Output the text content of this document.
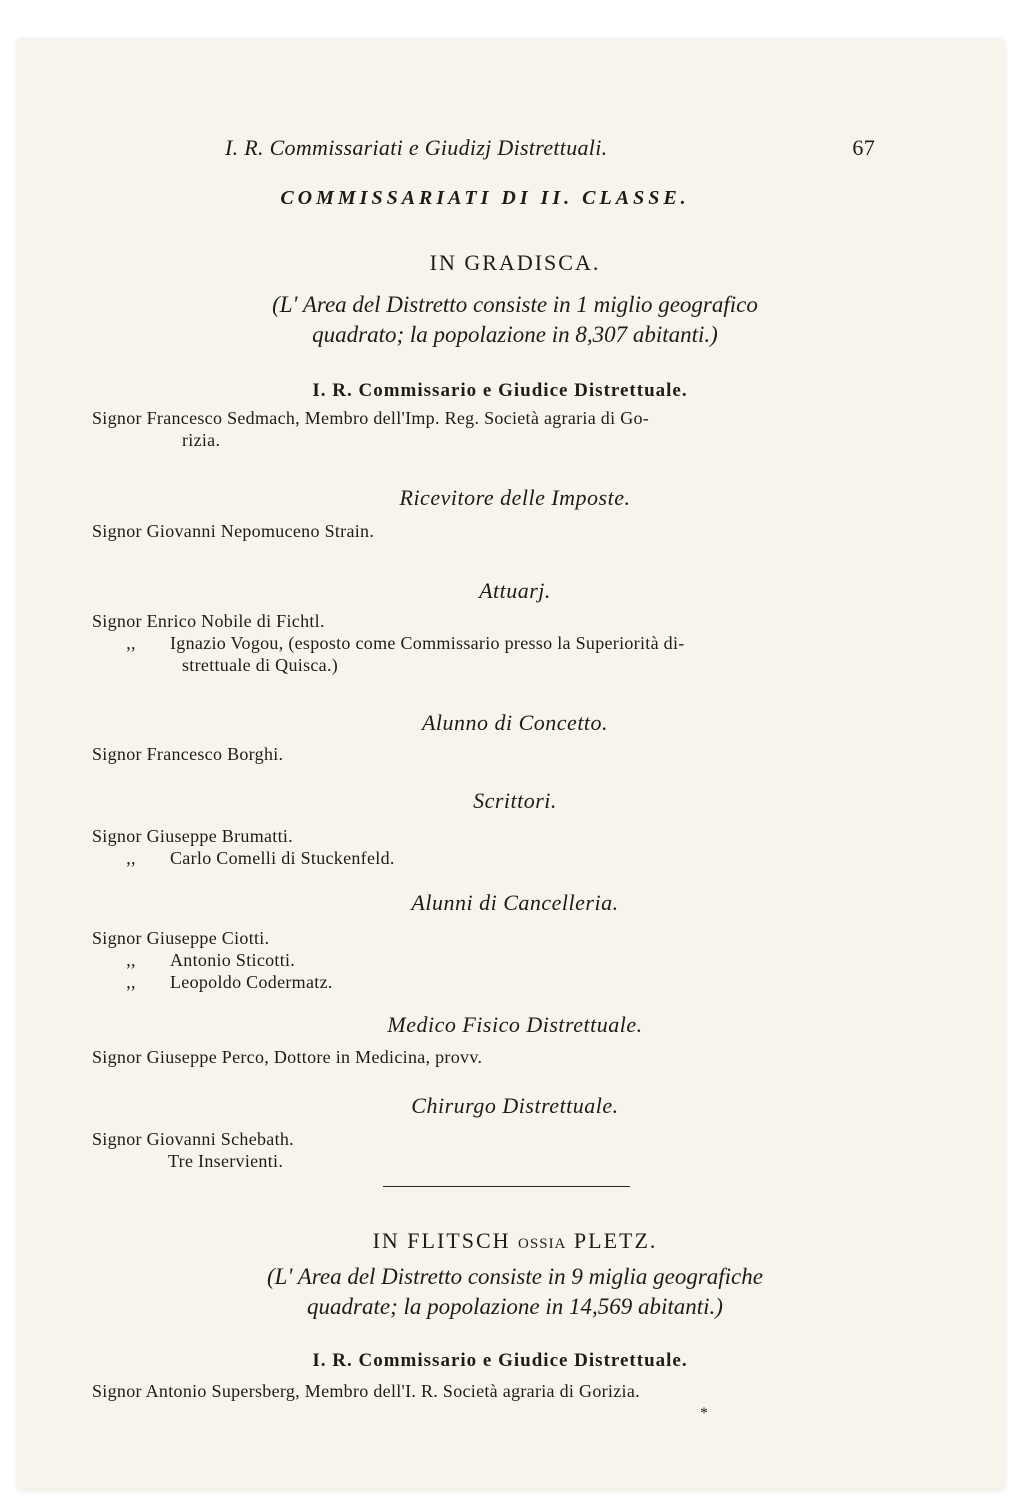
I. R. Commissariati e Giudizj Distrettuali.	67
COMMISSARIATI DI II. CLASSE.
IN GRADISCA.
(L' Area del Distretto consiste in 1 miglio geografico
quadrato; la popolazione in 8,307 abitanti.)
I. R. Commissario e Giudice Distrettuale.
Signor Francesco Sedmach, Membro dell'Imp. Reg. Società agraria di Go-
rizia.
Ricevitore delle Imposte.
Signor Giovanni Nepomuceno Strain.
Attuarj.
Signor Enrico Nobile di Fichtl.
,, Ignazio Vogou, (esposto come Commissario presso la Superiorità di-
strettuale di Quisca.)
Alunno di Concetto.
Signor Francesco Borghi.
Scrittori.
Signor Giuseppe Brumatti.
,, Carlo Comelli di Stuckenfeld.
Alunni di Cancelleria.
Signor Giuseppe Ciotti.
,, Antonio Sticotti.
,, Leopoldo Codermatz.
Medico Fisico Distrettuale.
Signor Giuseppe Perco, Dottore in Medicina, provv.
Chirurgo Distrettuale.
Signor Giovanni Schebath.
Tre Inservienti.
IN FLITSCH OSSIA PLETZ.
(L' Area del Distretto consiste in 9 miglia geografiche
quadrate; la popolazione in 14,569 abitanti.)
I. R. Commissario e Giudice Distrettuale.
Signor Antonio Supersberg, Membro dell'I. R. Società agraria di Gorizia.
*
